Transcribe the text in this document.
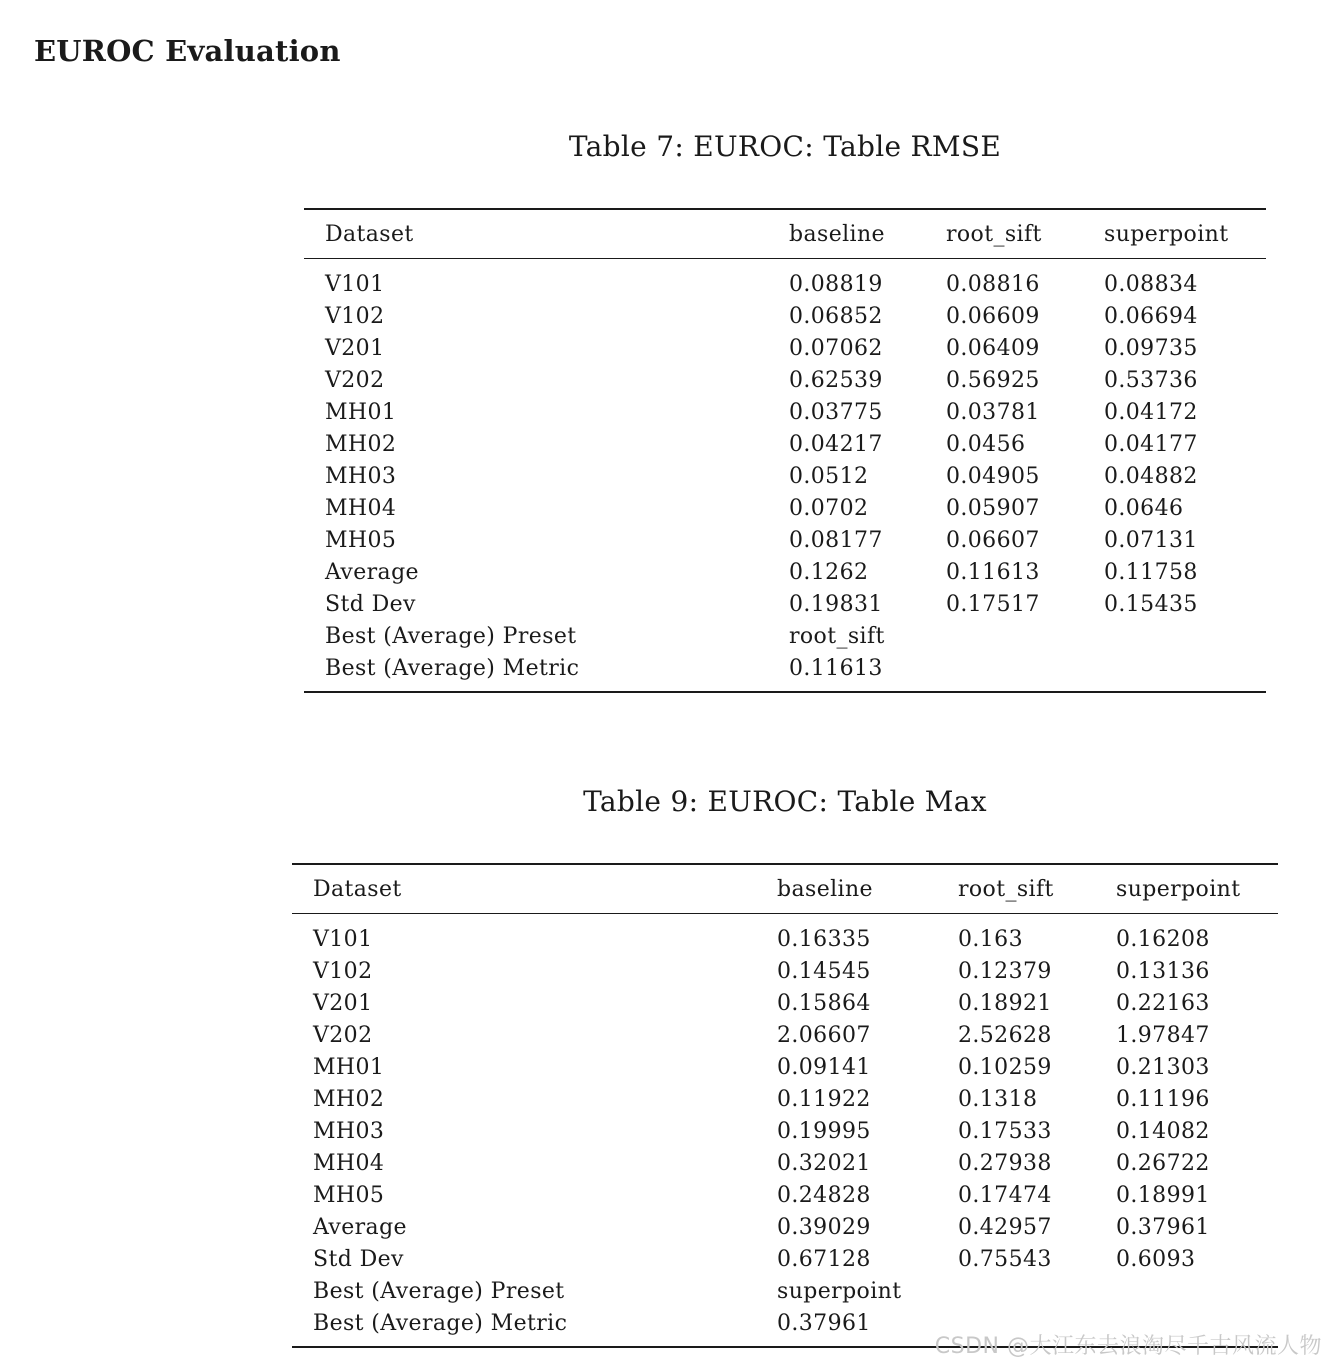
EUROC Evaluation
Table 7: EUROC: Table RMSE
Dataset	baseline	root_sift	superpoint
V101	0.08819	0.08816	0.08834
V102	0.06852	0.06609	0.06694
V201	0.07062	0.06409	0.09735
V202	0.62539	0.56925	0.53736
MH01	0.03775	0.03781	0.04172
MH02	0.04217	0.0456	0.04177
MH03	0.0512	0.04905	0.04882
MH04	0.0702	0.05907	0.0646
MH05	0.08177	0.06607	0.07131
Average	0.1262	0.11613	0.11758
Std Dev	0.19831	0.17517	0.15435
Best (Average) Preset	root_sift		
Best (Average) Metric	0.11613		
Table 9: EUROC: Table Max
Dataset	baseline	root_sift	superpoint
V101	0.16335	0.163	0.16208
V102	0.14545	0.12379	0.13136
V201	0.15864	0.18921	0.22163
V202	2.06607	2.52628	1.97847
MH01	0.09141	0.10259	0.21303
MH02	0.11922	0.1318	0.11196
MH03	0.19995	0.17533	0.14082
MH04	0.32021	0.27938	0.26722
MH05	0.24828	0.17474	0.18991
Average	0.39029	0.42957	0.37961
Std Dev	0.67128	0.75543	0.6093
Best (Average) Preset	superpoint		
Best (Average) Metric	0.37961		
CSDN @大江东去浪淘尽千古风流人物
